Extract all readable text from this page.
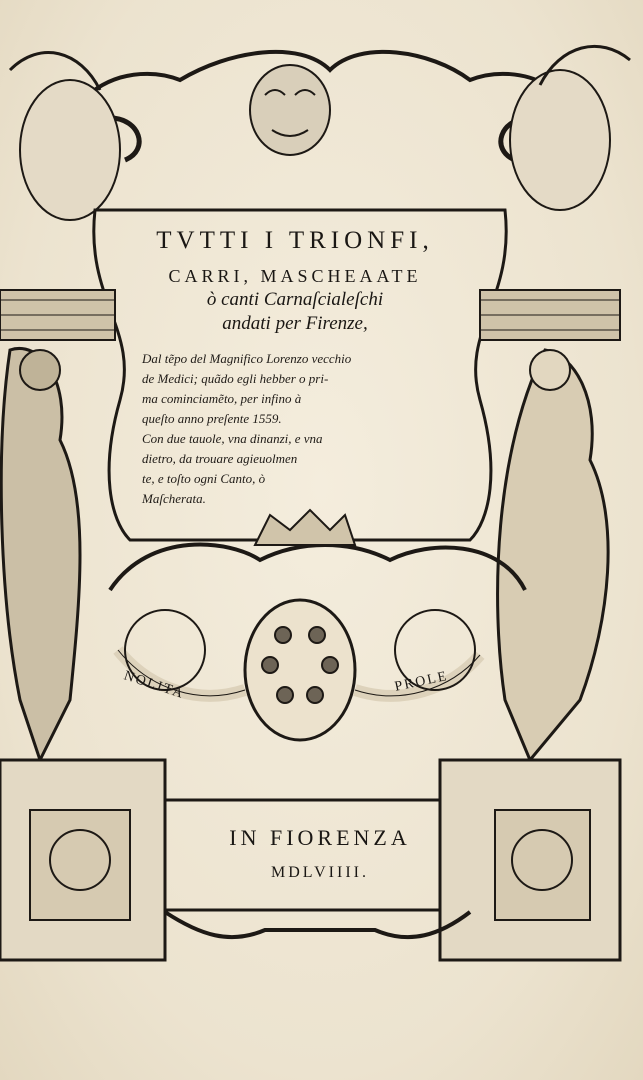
TVTTI I TRIONFI,
CARRI, MASCHEAATE
ò canti Carnaſcialeſchi
andati per Firenze,

Dal tẽpo del Magnifico Lorenzo vecchio

de Medici; quãdo egli hebber o pri-

ma cominciamẽto, per infino à

queſto anno preſente 1559.

Con due tauole, vna dinanzi, e vna

dietro, da trouare agieuolmen

te, e toſto ogni Canto, ò

Maſcherata.

NOLITA	PROLE
IN FIORENZA
MDLVIIII.
